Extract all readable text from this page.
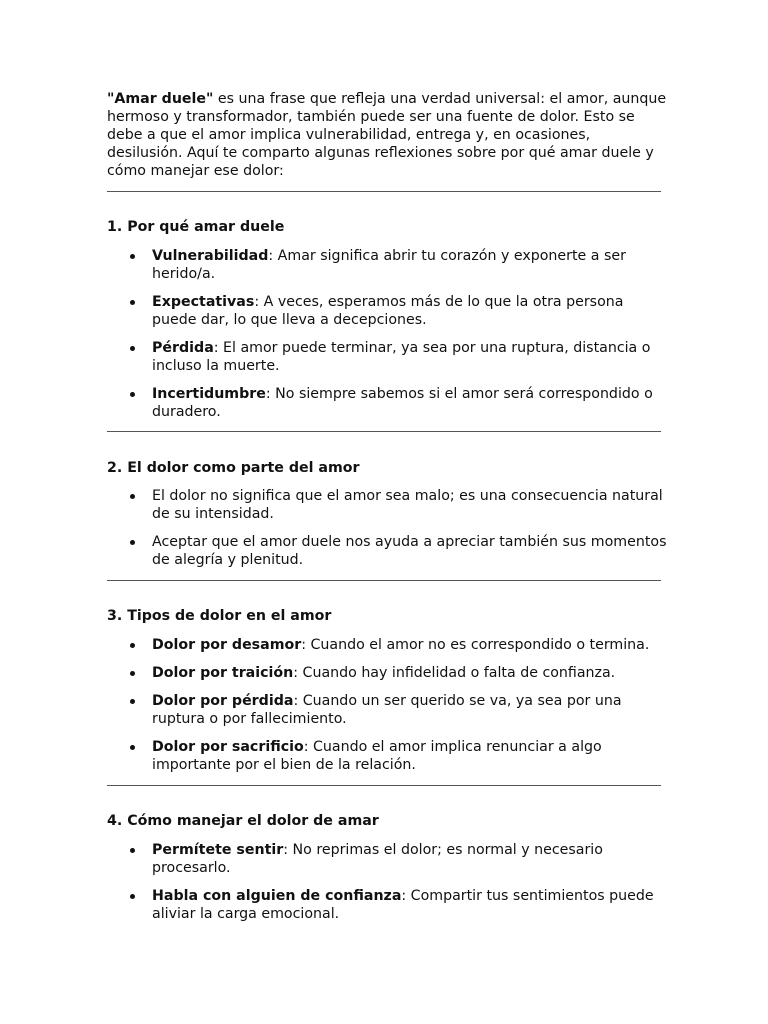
"Amar duele" es una frase que refleja una verdad universal: el amor, aunque hermoso y transformador, también puede ser una fuente de dolor. Esto se debe a que el amor implica vulnerabilidad, entrega y, en ocasiones, desilusión. Aquí te comparto algunas reflexiones sobre por qué amar duele y cómo manejar ese dolor:

1. Por qué amar duele
Vulnerabilidad: Amar significa abrir tu corazón y exponerte a ser herido/a.
Expectativas: A veces, esperamos más de lo que la otra persona puede dar, lo que lleva a decepciones.
Pérdida: El amor puede terminar, ya sea por una ruptura, distancia o incluso la muerte.
Incertidumbre: No siempre sabemos si el amor será correspondido o duradero.
2. El dolor como parte del amor
El dolor no significa que el amor sea malo; es una consecuencia natural de su intensidad.
Aceptar que el amor duele nos ayuda a apreciar también sus momentos de alegría y plenitud.
3. Tipos de dolor en el amor
Dolor por desamor: Cuando el amor no es correspondido o termina.
Dolor por traición: Cuando hay infidelidad o falta de confianza.
Dolor por pérdida: Cuando un ser querido se va, ya sea por una ruptura o por fallecimiento.
Dolor por sacrificio: Cuando el amor implica renunciar a algo importante por el bien de la relación.
4. Cómo manejar el dolor de amar
Permítete sentir: No reprimas el dolor; es normal y necesario procesarlo.
Habla con alguien de confianza: Compartir tus sentimientos puede aliviar la carga emocional.
